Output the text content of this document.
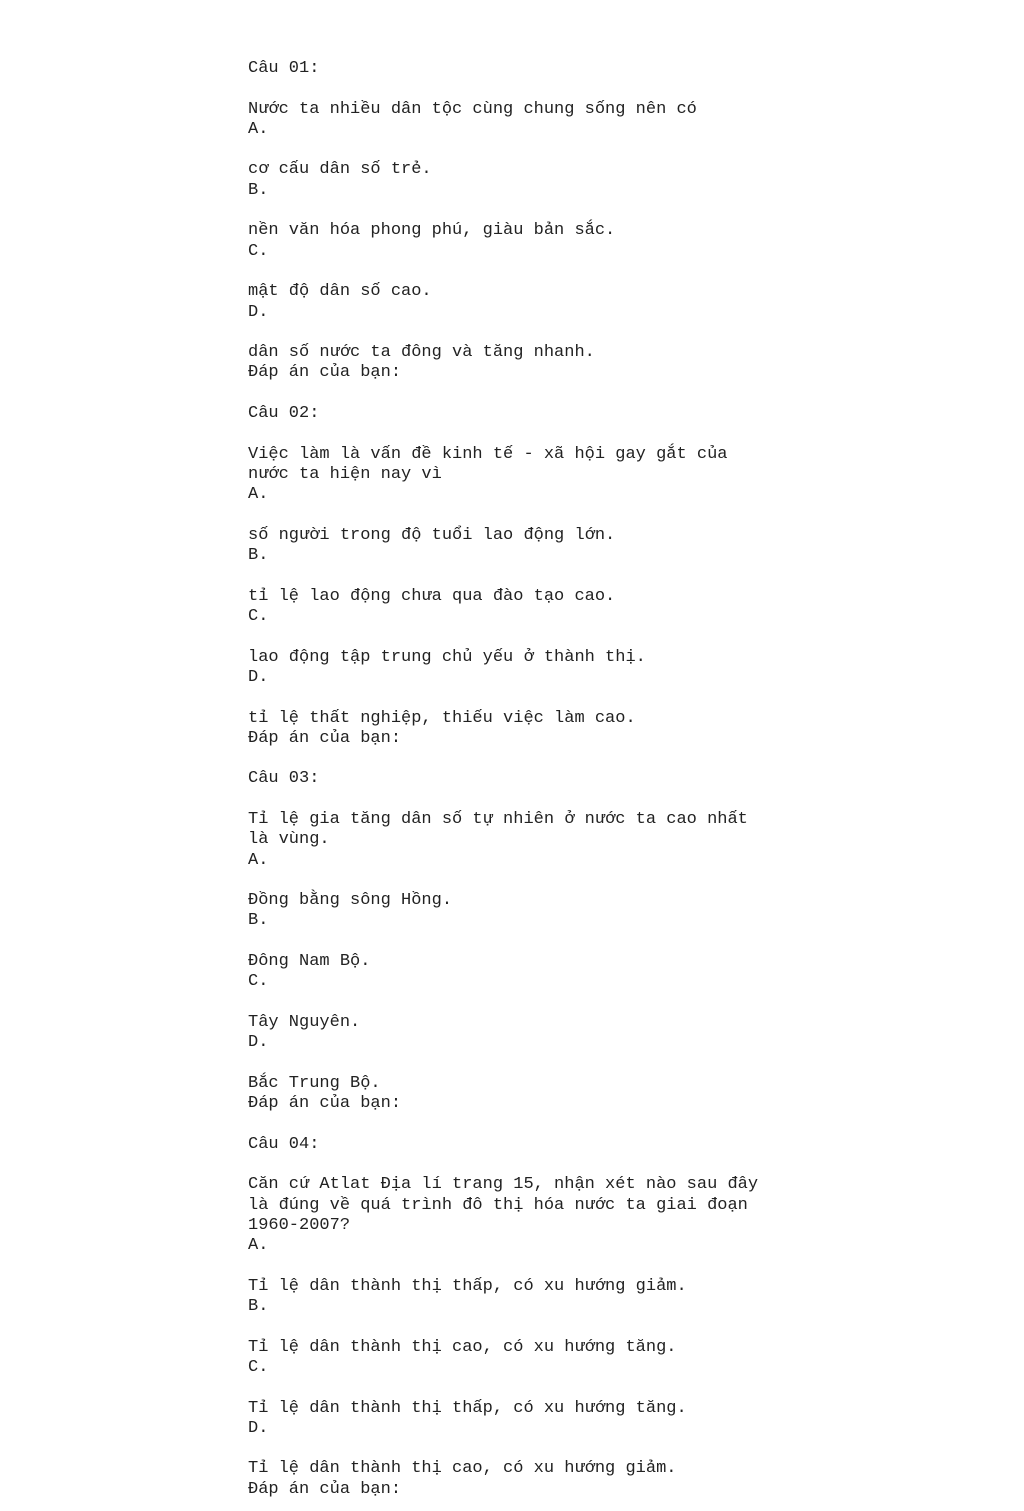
Câu 01:
Nước ta nhiều dân tộc cùng chung sống nên có
A.
cơ cấu dân số trẻ.
B.
nền văn hóa phong phú, giàu bản sắc.
C.
mật độ dân số cao.
D.
dân số nước ta đông và tăng nhanh.
Đáp án của bạn:
Câu 02:
Việc làm là vấn đề kinh tế - xã hội gay gắt của
nước ta hiện nay vì
A.
số người trong độ tuổi lao động lớn.
B.
tỉ lệ lao động chưa qua đào tạo cao.
C.
lao động tập trung chủ yếu ở thành thị.
D.
tỉ lệ thất nghiệp, thiếu việc làm cao.
Đáp án của bạn:
Câu 03:
Tỉ lệ gia tăng dân số tự nhiên ở nước ta cao nhất
là vùng.
A.
Đồng bằng sông Hồng.
B.
Đông Nam Bộ.
C.
Tây Nguyên.
D.
Bắc Trung Bộ.
Đáp án của bạn:
Câu 04:
Căn cứ Atlat Địa lí trang 15, nhận xét nào sau đây
là đúng về quá trình đô thị hóa nước ta giai đoạn
1960-2007?
A.
Tỉ lệ dân thành thị thấp, có xu hướng giảm.
B.
Tỉ lệ dân thành thị cao, có xu hướng tăng.
C.
Tỉ lệ dân thành thị thấp, có xu hướng tăng.
D.
Tỉ lệ dân thành thị cao, có xu hướng giảm.
Đáp án của bạn:
